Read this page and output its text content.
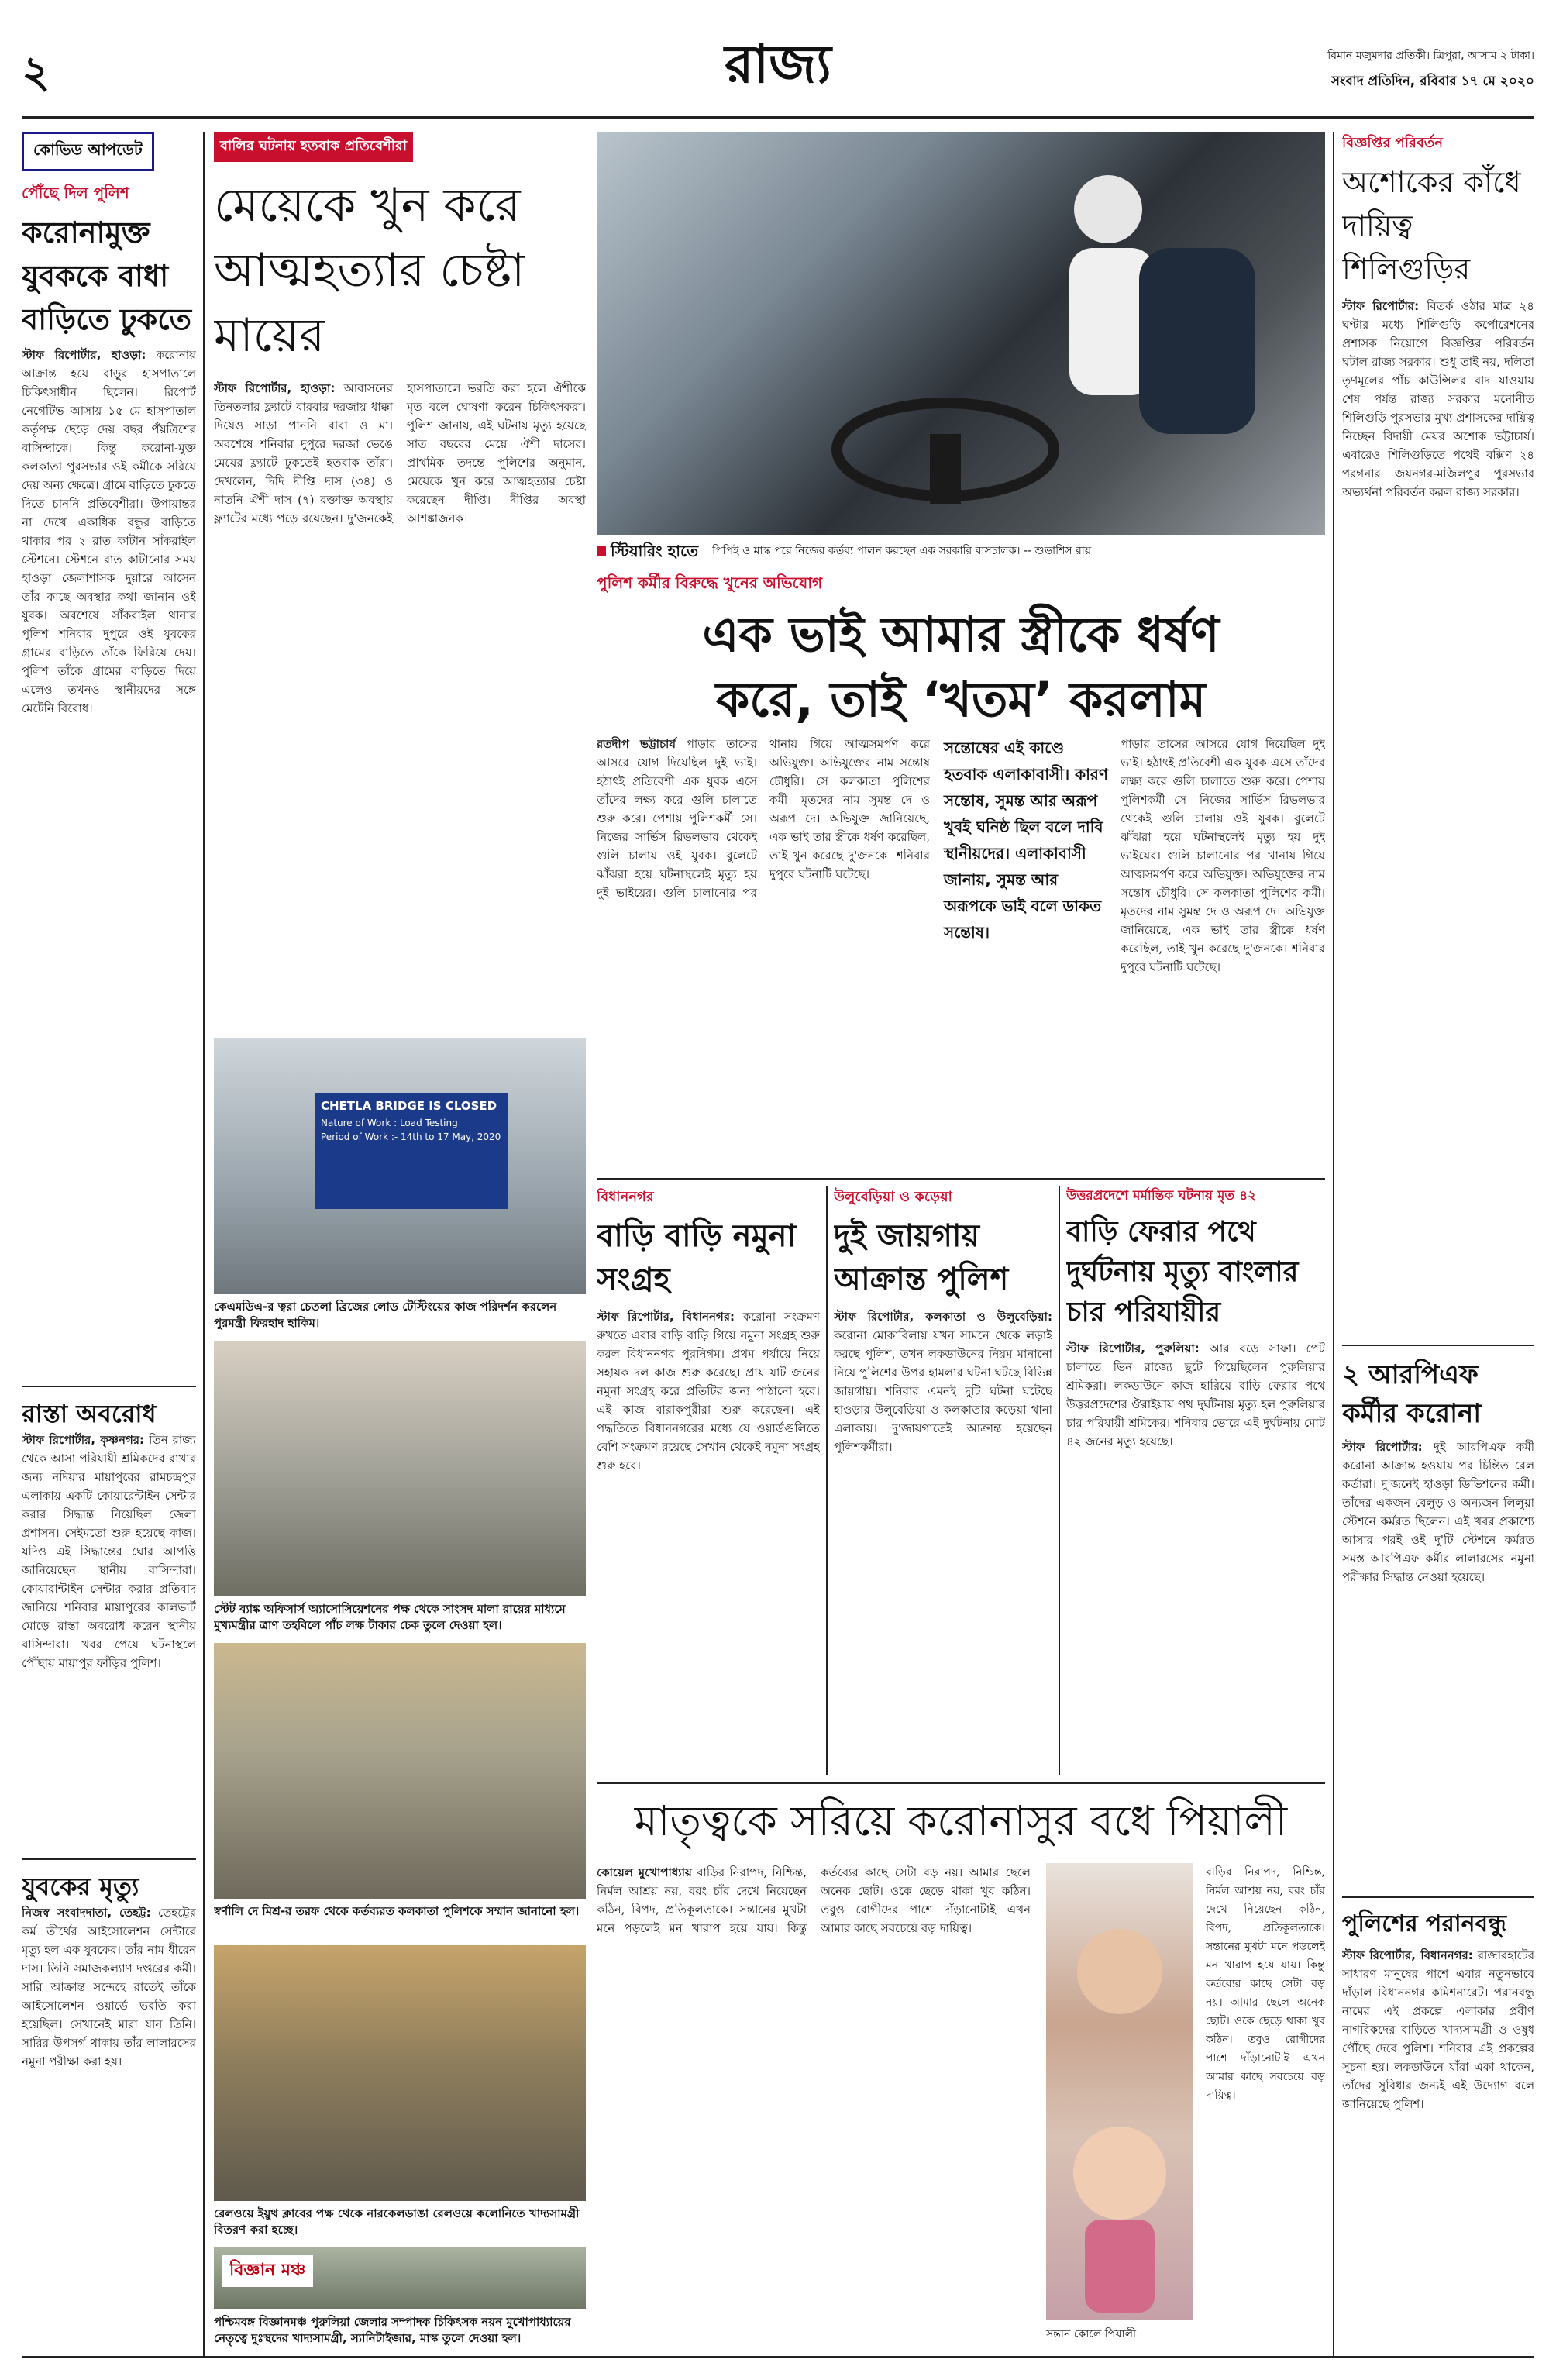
২	রাজ্য	বিমান মজুমদার প্রতিকী। ত্রিপুরা, আসাম ২ টাকা।
সংবাদ প্রতিদিন, রবিবার ১৭ মে ২০২০
কোভিড আপডেট
পৌঁছে দিল পুলিশ
করোনামুক্ত যুবককে বাধা বাড়িতে ঢুকতে
স্টাফ রিপোর্টার, হাওড়া: করোনায় আক্রান্ত হয়ে বাড়ুর হাসপাতালে চিকিৎসাধীন ছিলেন। রিপোর্ট নেগেটিভ আসায় ১৫ মে হাসপাতাল কর্তৃপক্ষ ছেড়ে দেয় বছর পঁয়ত্রিশের বাসিন্দাকে। কিন্তু করোনা-মুক্ত কলকাতা পুরসভার ওই কর্মীকে সরিয়ে দেয় অন্য ক্ষেত্রে। গ্রামে বাড়িতে ঢুকতে দিতে চাননি প্রতিবেশীরা। উপায়ান্তর না দেখে একাধিক বন্ধুর বাড়িতে থাকার পর ২ রাত কাটান সাঁকরাইল স্টেশনে। স্টেশনে রাত কাটানোর সময় হাওড়া জেলাশাসক দুয়ারে আসেন তাঁর কাছে অবস্থার কথা জানান ওই যুবক। অবশেষে সাঁকরাইল থানার পুলিশ শনিবার দুপুরে ওই যুবকের গ্রামের বাড়িতে তাঁকে ফিরিয়ে দেয়। পুলিশ তাঁকে গ্রামের বাড়িতে দিয়ে এলেও তখনও স্থানীয়দের সঙ্গে মেটেনি বিরোধ।
রাস্তা অবরোধ
স্টাফ রিপোর্টার, কৃষ্ণনগর: তিন রাজ্য থেকে আসা পরিযায়ী শ্রমিকদের রাখার জন্য নদিয়ার মায়াপুরের রামচন্দ্রপুর এলাকায় একটি কোয়ারেন্টাইন সেন্টার করার সিদ্ধান্ত নিয়েছিল জেলা প্রশাসন। সেইমতো শুরু হয়েছে কাজ। যদিও এই সিদ্ধান্তের ঘোর আপত্তি জানিয়েছেন স্থানীয় বাসিন্দারা। কোয়ারান্টাইন সেন্টার করার প্রতিবাদ জানিয়ে শনিবার মায়াপুরের কালভার্ট মোড়ে রাস্তা অবরোধ করেন স্থানীয় বাসিন্দারা। খবর পেয়ে ঘটনাস্থলে পৌঁছায় মায়াপুর ফাঁড়ির পুলিশ।
যুবকের মৃত্যু
নিজস্ব সংবাদদাতা, তেহট্ট: তেহট্টের কর্ম তীর্থের আইসোলেশন সেন্টারে মৃত্যু হল এক যুবকের। তাঁর নাম ধীরেন দাস। তিনি সমাজকল্যাণ দপ্তরের কর্মী। সারি আক্রান্ত সন্দেহে রাতেই তাঁকে আইসোলেশন ওয়ার্ডে ভরতি করা হয়েছিল। সেখানেই মারা যান তিনি। সারির উপসর্গ থাকায় তাঁর লালারসের নমুনা পরীক্ষা করা হয়।
বালির ঘটনায় হতবাক প্রতিবেশীরা
মেয়েকে খুন করে আত্মহত্যার চেষ্টা মায়ের
স্টাফ রিপোর্টার, হাওড়া: আবাসনের তিনতলার ফ্ল্যাটে বারবার দরজায় ধাক্কা দিয়েও সাড়া পাননি বাবা ও মা। অবশেষে শনিবার দুপুরে দরজা ভেঙে মেয়ের ফ্ল্যাটে ঢুকতেই হতবাক তাঁরা। দেখলেন, দিদি দীপ্তি দাস (৩৪) ও নাতনি ঐশী দাস (৭) রক্তাক্ত অবস্থায় ফ্ল্যাটের মধ্যে পড়ে রয়েছেন। দু'জনকেই হাসপাতালে ভরতি করা হলে ঐশীকে মৃত বলে ঘোষণা করেন চিকিৎসকরা। পুলিশ জানায়, এই ঘটনায় মৃত্যু হয়েছে সাত বছরের মেয়ে ঐশী দাসের। প্রাথমিক তদন্তে পুলিশের অনুমান, মেয়েকে খুন করে আত্মহত্যার চেষ্টা করেছেন দীপ্তি। দীপ্তির অবস্থা আশঙ্কাজনক।
স্টিয়ারিং হাতে পিপিই ও মাস্ক পরে নিজের কর্তব্য পালন করছেন এক সরকারি বাসচালক। -- শুভাশিস রায়
পুলিশ কর্মীর বিরুদ্ধে খুনের অভিযোগ
এক ভাই আমার স্ত্রীকে ধর্ষণ
করে, তাই ‘খতম’ করলাম
রতদীপ ভট্টাচার্য পাড়ার তাসের আসরে যোগ দিয়েছিল দুই ভাই। হঠাৎই প্রতিবেশী এক যুবক এসে তাঁদের লক্ষ্য করে গুলি চালাতে শুরু করে। পেশায় পুলিশকর্মী সে। নিজের সার্ভিস রিভলভার থেকেই গুলি চালায় ওই যুবক। বুলেটে ঝাঁঝরা হয়ে ঘটনাস্থলেই মৃত্যু হয় দুই ভাইয়ের। গুলি চালানোর পর থানায় গিয়ে আত্মসমর্পণ করে অভিযুক্ত। অভিযুক্তের নাম সন্তোষ চৌধুরি। সে কলকাতা পুলিশের কর্মী। মৃতদের নাম সুমন্ত দে ও অরূপ দে। অভিযুক্ত জানিয়েছে, এক ভাই তার স্ত্রীকে ধর্ষণ করেছিল, তাই খুন করেছে দু'জনকে। শনিবার দুপুরে ঘটনাটি ঘটেছে।
সন্তোষের এই কাণ্ডে হতবাক এলাকাবাসী। কারণ সন্তোষ, সুমন্ত আর অরূপ খুবই ঘনিষ্ঠ ছিল বলে দাবি স্থানীয়দের। এলাকাবাসী জানায়, সুমন্ত আর অরূপকে ভাই বলে ডাকত সন্তোষ।
পাড়ার তাসের আসরে যোগ দিয়েছিল দুই ভাই। হঠাৎই প্রতিবেশী এক যুবক এসে তাঁদের লক্ষ্য করে গুলি চালাতে শুরু করে। পেশায় পুলিশকর্মী সে। নিজের সার্ভিস রিভলভার থেকেই গুলি চালায় ওই যুবক। বুলেটে ঝাঁঝরা হয়ে ঘটনাস্থলেই মৃত্যু হয় দুই ভাইয়ের। গুলি চালানোর পর থানায় গিয়ে আত্মসমর্পণ করে অভিযুক্ত। অভিযুক্তের নাম সন্তোষ চৌধুরি। সে কলকাতা পুলিশের কর্মী। মৃতদের নাম সুমন্ত দে ও অরূপ দে। অভিযুক্ত জানিয়েছে, এক ভাই তার স্ত্রীকে ধর্ষণ করেছিল, তাই খুন করেছে দু'জনকে। শনিবার দুপুরে ঘটনাটি ঘটেছে।
CHETLA BRIDGE IS CLOSED
Nature of Work : Load Testing
Period of Work :- 14th to 17 May, 2020
কেএমডিএ-র ত্বরা চেতলা ব্রিজের লোড টেস্টিংয়ের কাজ পরিদর্শন করলেন পুরমন্ত্রী ফিরহাদ হাকিম।
স্টেট ব্যাঙ্ক অফিসার্স অ্যাসোসিয়েশনের পক্ষ থেকে সাংসদ মালা রায়ের মাধ্যমে মুখ্যমন্ত্রীর ত্রাণ তহবিলে পাঁচ লক্ষ টাকার চেক তুলে দেওয়া হল।
স্বর্ণালি দে মিশ্র-র তরফ থেকে কর্তব্যরত কলকাতা পুলিশকে সম্মান জানানো হল।
রেলওয়ে ইয়ুথ ক্লাবের পক্ষ থেকে নারকেলডাঙা রেলওয়ে কলোনিতে খাদ্যসামগ্রী বিতরণ করা হচ্ছে।
বিজ্ঞান মঞ্চ
পশ্চিমবঙ্গ বিজ্ঞানমঞ্চ পুরুলিয়া জেলার সম্পাদক চিকিৎসক নয়ন মুখোপাধ্যায়ের নেতৃত্বে দুঃস্থদের খাদ্যসামগ্রী, স্যানিটাইজার, মাস্ক তুলে দেওয়া হল।
বিধাননগর
বাড়ি বাড়ি নমুনা সংগ্রহ
স্টাফ রিপোর্টার, বিধাননগর: করোনা সংক্রমণ রুখতে এবার বাড়ি বাড়ি গিয়ে নমুনা সংগ্রহ শুরু করল বিধাননগর পুরনিগম। প্রথম পর্যায়ে নিয়ে সহায়ক দল কাজ শুরু করেছে। প্রায় যাট জনের নমুনা সংগ্রহ করে প্রতিটির জন্য পাঠানো হবে। এই কাজ বারাকপুরীরা শুরু করেছেন। এই পদ্ধতিতে বিধাননগরের মধ্যে যে ওয়ার্ডগুলিতে বেশি সংক্রমণ রয়েছে সেখান থেকেই নমুনা সংগ্রহ শুরু হবে।
উলুবেড়িয়া ও কড়েয়া
দুই জায়গায় আক্রান্ত পুলিশ
স্টাফ রিপোর্টার, কলকাতা ও উলুবেড়িয়া: করোনা মোকাবিলায় যখন সামনে থেকে লড়াই করছে পুলিশ, তখন লকডাউনের নিয়ম মানানো নিয়ে পুলিশের উপর হামলার ঘটনা ঘটছে বিভিন্ন জায়গায়। শনিবার এমনই দুটি ঘটনা ঘটেছে হাওড়ার উলুবেড়িয়া ও কলকাতার কড়েয়া থানা এলাকায়। দু'জায়গাতেই আক্রান্ত হয়েছেন পুলিশকর্মীরা।
উত্তরপ্রদেশে মর্মান্তিক ঘটনায় মৃত ৪২
বাড়ি ফেরার পথে দুর্ঘটনায় মৃত্যু বাংলার চার পরিযায়ীর
স্টাফ রিপোর্টার, পুরুলিয়া: আর বড়ে সাফা। পেট চালাতে ভিন রাজ্যে ছুটে গিয়েছিলেন পুরুলিয়ার শ্রমিকরা। লকডাউনে কাজ হারিয়ে বাড়ি ফেরার পথে উত্তরপ্রদেশের ঔরাইয়ায় পথ দুর্ঘটনায় মৃত্যু হল পুরুলিয়ার চার পরিযায়ী শ্রমিকের। শনিবার ভোরে এই দুর্ঘটনায় মোট ৪২ জনের মৃত্যু হয়েছে।
মাতৃত্বকে সরিয়ে করোনাসুর বধে পিয়ালী
কোয়েল মুখোপাধ্যায় বাড়ির নিরাপদ, নিশ্চিন্ত, নির্মল আশ্রয় নয়, বরং চাঁর দেখে নিয়েছেন কঠিন, বিপদ, প্রতিকূলতাকে। সন্তানের মুখটা মনে পড়লেই মন খারাপ হয়ে যায়। কিন্তু কর্তব্যের কাছে সেটা বড় নয়। আমার ছেলে অনেক ছোট। ওকে ছেড়ে থাকা খুব কঠিন। তবুও রোগীদের পাশে দাঁড়ানোটাই এখন আমার কাছে সবচেয়ে বড় দায়িত্ব।
সন্তান কোলে পিয়ালী
বাড়ির নিরাপদ, নিশ্চিন্ত, নির্মল আশ্রয় নয়, বরং চাঁর দেখে নিয়েছেন কঠিন, বিপদ, প্রতিকূলতাকে। সন্তানের মুখটা মনে পড়লেই মন খারাপ হয়ে যায়। কিন্তু কর্তব্যের কাছে সেটা বড় নয়। আমার ছেলে অনেক ছোট। ওকে ছেড়ে থাকা খুব কঠিন। তবুও রোগীদের পাশে দাঁড়ানোটাই এখন আমার কাছে সবচেয়ে বড় দায়িত্ব।
বিজ্ঞপ্তির পরিবর্তন
অশোকের কাঁধে দায়িত্ব শিলিগুড়ির
স্টাফ রিপোর্টার: বিতর্ক ওঠার মাত্র ২৪ ঘণ্টার মধ্যে শিলিগুড়ি কর্পোরেশনের প্রশাসক নিয়োগে বিজ্ঞপ্তির পরিবর্তন ঘটাল রাজ্য সরকার। শুধু তাই নয়, দলিতা তৃণমূলের পাঁচ কাউন্সিলর বাদ যাওয়ায় শেষ পর্যন্ত রাজ্য সরকার মনোনীত শিলিগুড়ি পুরসভার মুখ্য প্রশাসকের দায়িত্ব নিচ্ছেন বিদায়ী মেয়র অশোক ভট্টাচার্য। এবারেও শিলিগুড়িতে পথেই বক্সিণ ২৪ পরগনার জয়নগর-মজিলপুর পুরসভার অভ্যর্থনা পরিবর্তন করল রাজ্য সরকার।
২ আরপিএফ কর্মীর করোনা
স্টাফ রিপোর্টার: দুই আরপিএফ কর্মী করোনা আক্রান্ত হওয়ায় পর চিন্তিত রেল কর্তারা। দু'জনেই হাওড়া ডিভিশনের কর্মী। তাঁদের একজন বেলুড় ও অন্যজন লিলুয়া স্টেশনে কর্মরত ছিলেন। এই খবর প্রকাশ্যে আসার পরই ওই দু'টি স্টেশনে কর্মরত সমস্ত আরপিএফ কর্মীর লালারসের নমুনা পরীক্ষার সিদ্ধান্ত নেওয়া হয়েছে।
পুলিশের পরানবন্ধু
স্টাফ রিপোর্টার, বিধাননগর: রাজারহাটের সাধারণ মানুষের পাশে এবার নতুনভাবে দাঁড়াল বিধাননগর কমিশনারেট। পরানবন্ধু নামের এই প্রকল্পে এলাকার প্রবীণ নাগরিকদের বাড়িতে খাদ্যসামগ্রী ও ওষুধ পৌঁছে দেবে পুলিশ। শনিবার এই প্রকল্পের সূচনা হয়। লকডাউনে যাঁরা একা থাকেন, তাঁদের সুবিধার জন্যই এই উদ্যোগ বলে জানিয়েছে পুলিশ।
